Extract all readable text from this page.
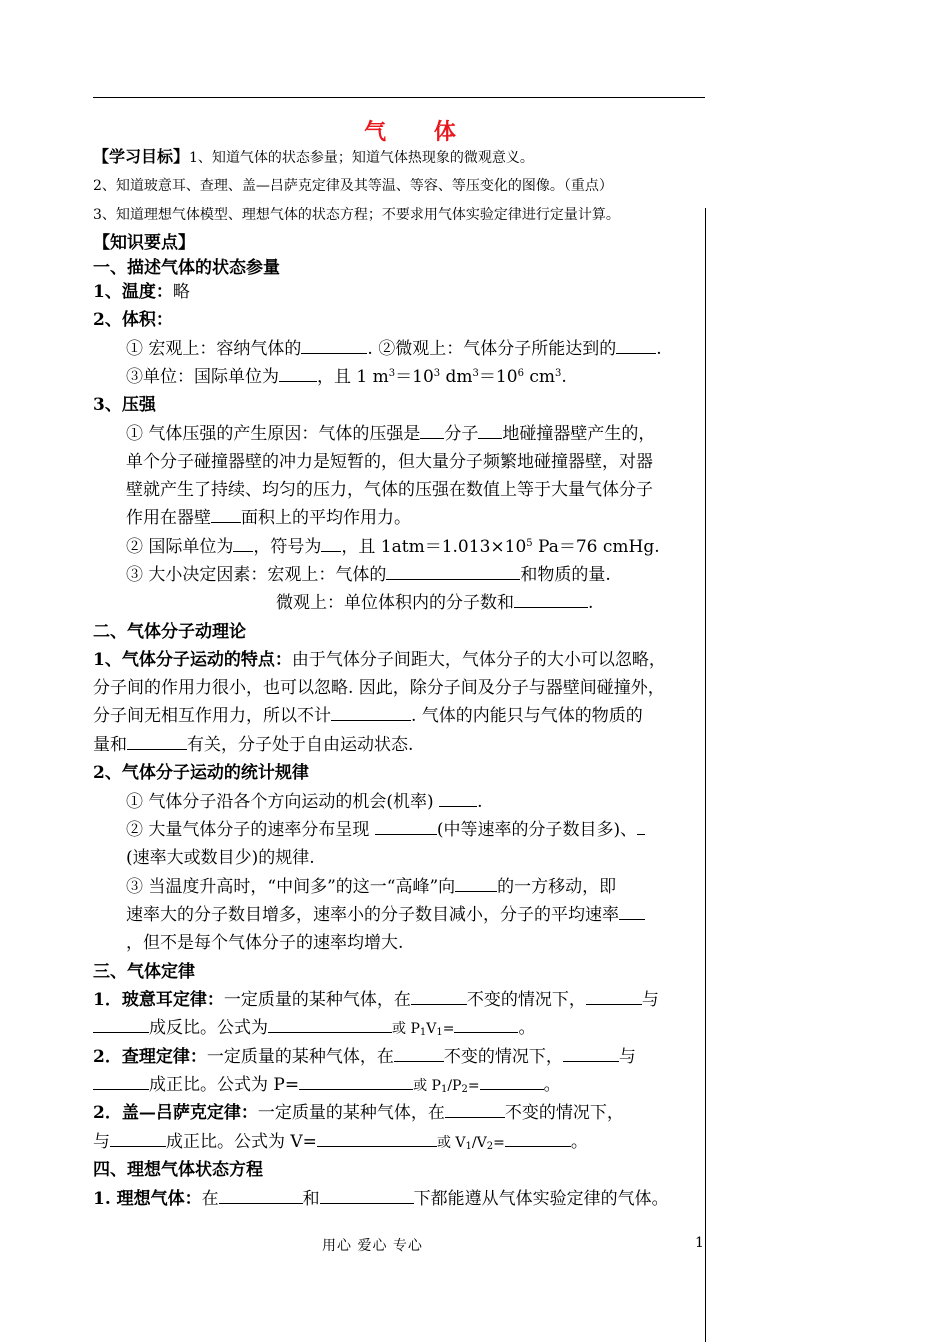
气 体
【学习目标】1、知道气体的状态参量；知道气体热现象的微观意义。
2、知道玻意耳、查理、盖—吕萨克定律及其等温、等容、等压变化的图像。（重点）
3、知道理想气体模型、理想气体的状态方程；不要求用气体实验定律进行定量计算。
【知识要点】
一、描述气体的状态参量
1、温度：略
2、体积：
① 宏观上：容纳气体的	. ②微观上：气体分子所能达到的 .
③单位：国际单位为 ，且 1 $m^3=10^3$ $dm^3=10^6$ $cm^3$.
3、压强
① 气体压强的产生原因：气体的压强是 分子 地碰撞器壁产生的，
单个分子碰撞器壁的冲力是短暂的，但大量分子频繁地碰撞器壁，对器
壁就产生了持续、均匀的压力，气体的压强在数值上等于大量气体分子
作用在器壁 面积上的平均作用力。
② 国际单位为 ，符号为 ，且 $1atm=1.013\times 10^5$ Pa＝76 cmHg.
③ 大小决定因素：宏观上：气体的	和物质的量.
微观上：单位体积内的分子数和	.
二、气体分子动理论
1、气体分子运动的特点：由于气体分子间距大，气体分子的大小可以忽略，
分子间的作用力很小，也可以忽略. 因此，除分子间及分子与器壁间碰撞外，
分子间无相互作用力，所以不计	. 气体的内能只与气体的物质的
量和	有关，分子处于自由运动状态.
2、气体分子运动的统计规律
① 气体分子沿各个方向运动的机会(机率)	.
② 大量气体分子的速率分布呈现	(中等速率的分子数目多)、
(速率大或数目少)的规律.
③ 当温度升高时，“中间多”的这一“高峰”向 的一方移动，即
速率大的分子数目增多，速率小的分子数目减小，分子的平均速率
，但不是每个气体分子的速率均增大.
三、气体定律
1．玻意耳定律：一定质量的某种气体，在	不变的情况下，	与
成反比。公式为	或 $P_1V_1=$	。
2．查理定律：一定质量的某种气体，在	不变的情况下，	与
成正比。公式为 P=	或 $P_1/P_2=$	。
2．盖—吕萨克定律：一定质量的某种气体，在	不变的情况下，
与	成正比。公式为 V=	或 $V_1/V_2=$	。
四、理想气体状态方程
1. 理想气体：在	和	下都能遵从气体实验定律的气体。
用心 爱心 专心	1
